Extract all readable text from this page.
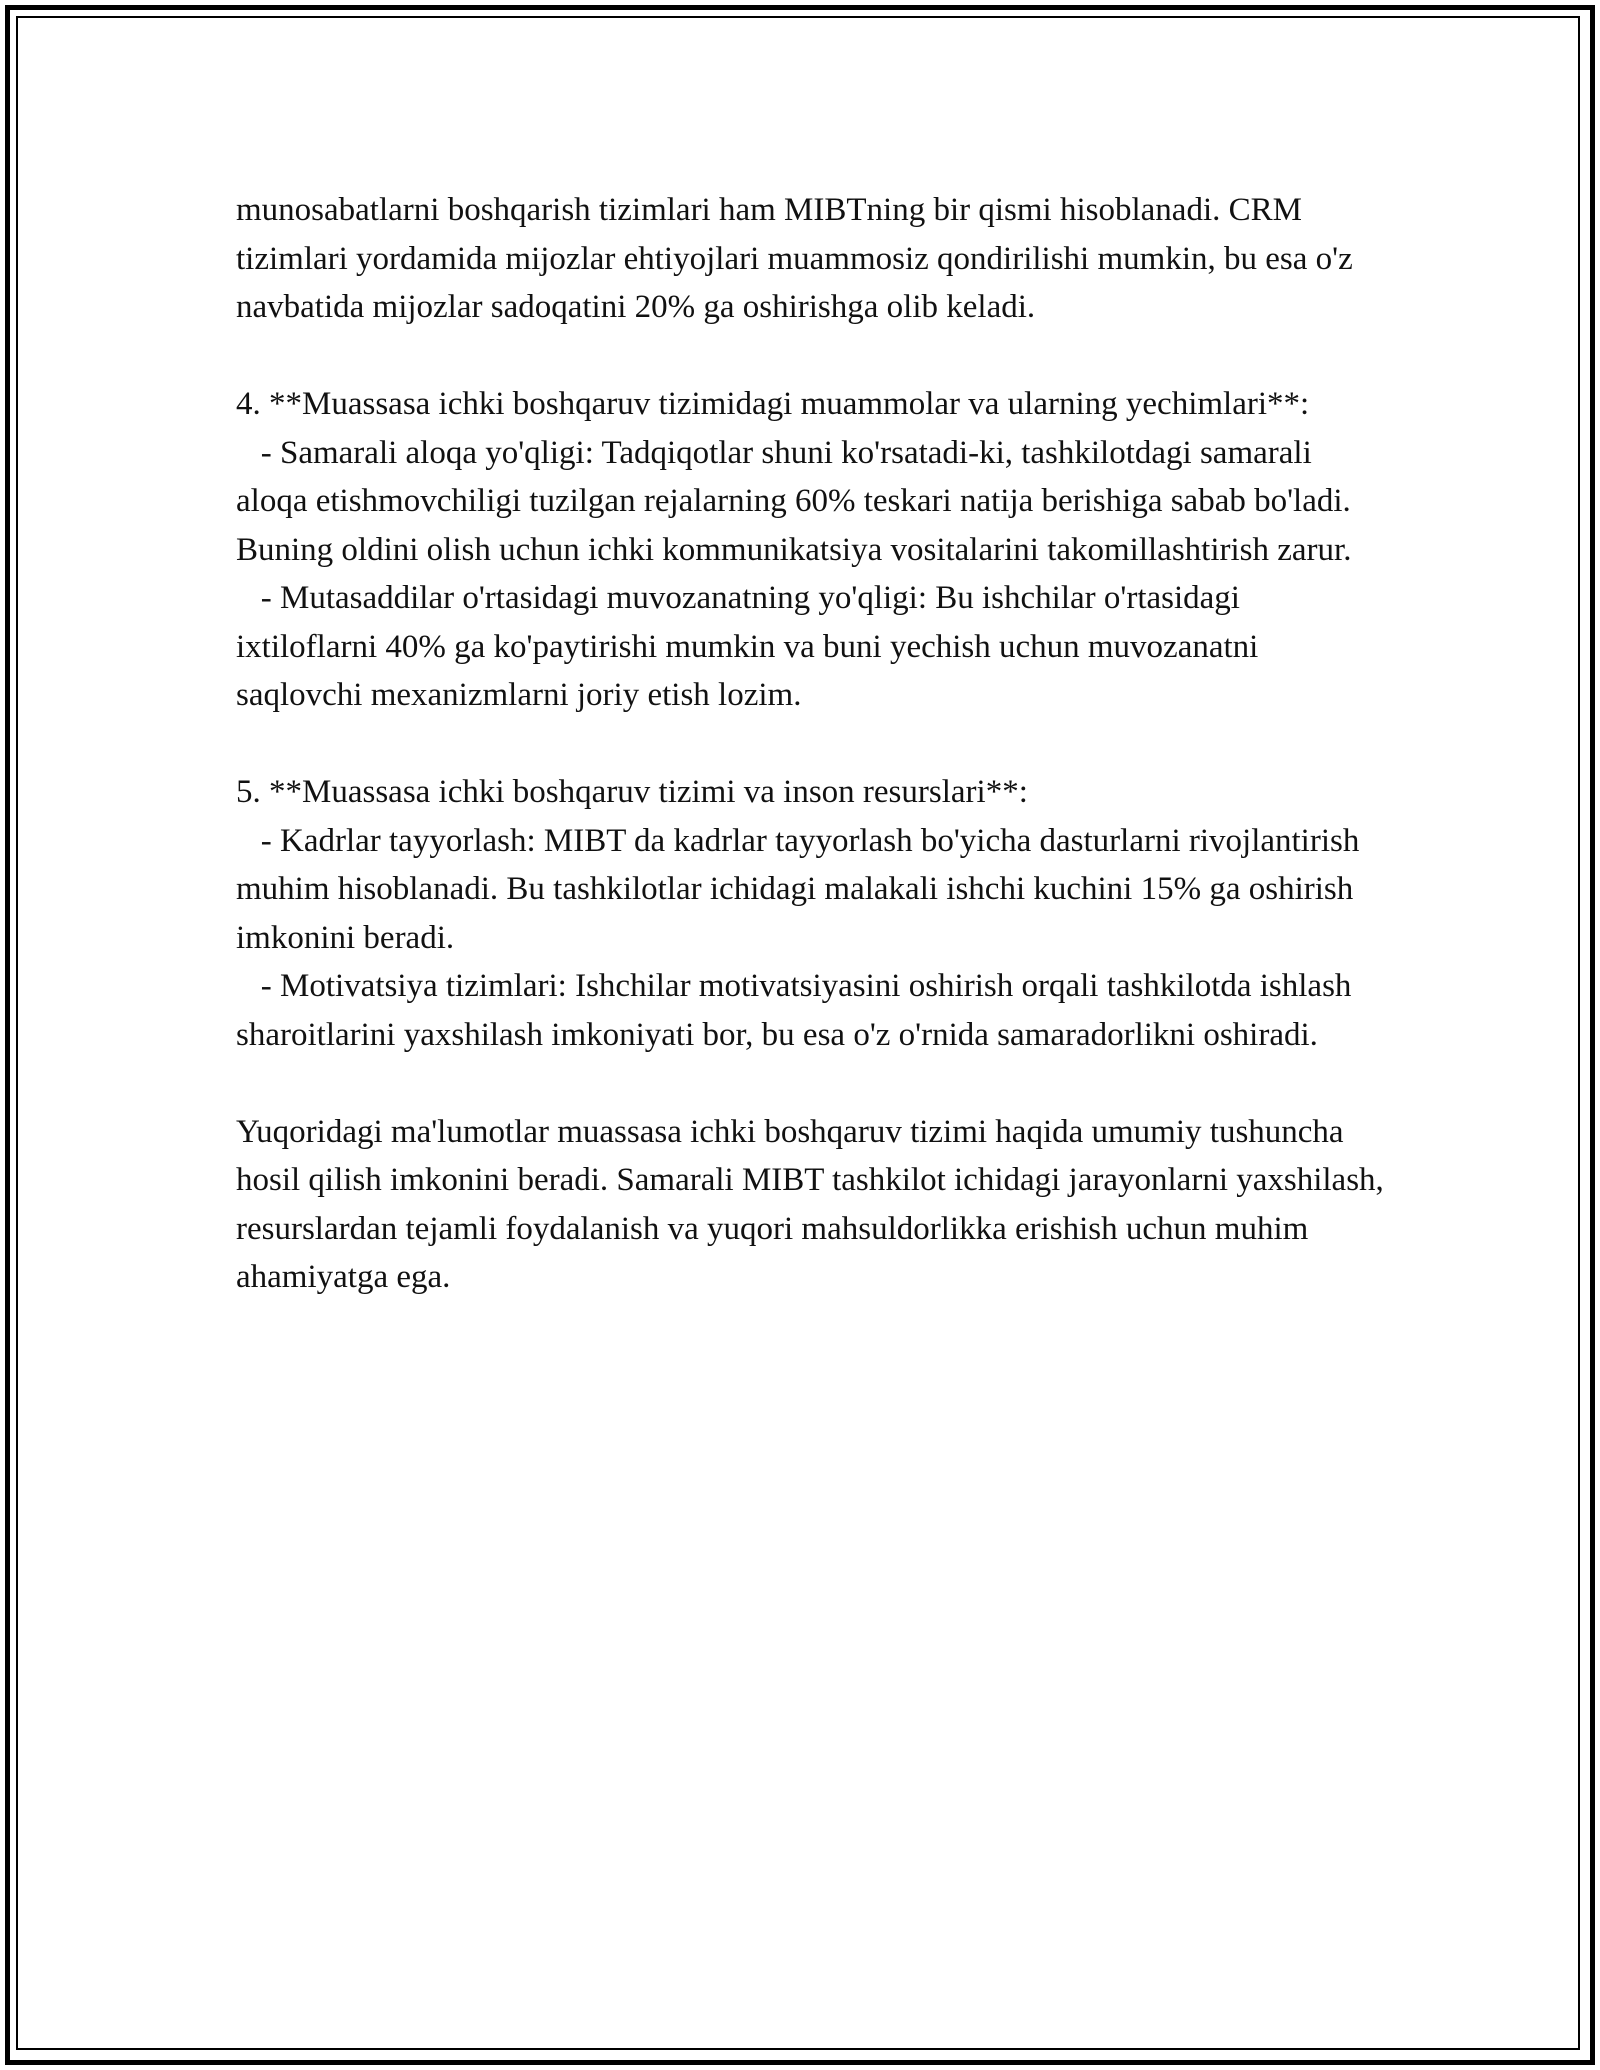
munosabatlarni boshqarish tizimlari ham MIBTning bir qismi hisoblanadi. CRM tizimlari yordamida mijozlar ehtiyojlari muammosiz qondirilishi mumkin, bu esa o'z navbatida mijozlar sadoqatini 20% ga oshirishga olib keladi.

4. **Muassasa ichki boshqaruv tizimidagi muammolar va ularning yechimlari**:

- Samarali aloqa yo'qligi: Tadqiqotlar shuni ko'rsatadi-ki, tashkilotdagi samarali aloqa etishmovchiligi tuzilgan rejalarning 60% teskari natija berishiga sabab bo'ladi. Buning oldini olish uchun ichki kommunikatsiya vositalarini takomillashtirish zarur.

- Mutasaddilar o'rtasidagi muvozanatning yo'qligi: Bu ishchilar o'rtasidagi ixtiloflarni 40% ga ko'paytirishi mumkin va buni yechish uchun muvozanatni saqlovchi mexanizmlarni joriy etish lozim.

5. **Muassasa ichki boshqaruv tizimi va inson resurslari**:

- Kadrlar tayyorlash: MIBT da kadrlar tayyorlash bo'yicha dasturlarni rivojlantirish muhim hisoblanadi. Bu tashkilotlar ichidagi malakali ishchi kuchini 15% ga oshirish imkonini beradi.

- Motivatsiya tizimlari: Ishchilar motivatsiyasini oshirish orqali tashkilotda ishlash sharoitlarini yaxshilash imkoniyati bor, bu esa o'z o'rnida samaradorlikni oshiradi.

Yuqoridagi ma'lumotlar muassasa ichki boshqaruv tizimi haqida umumiy tushuncha hosil qilish imkonini beradi. Samarali MIBT tashkilot ichidagi jarayonlarni yaxshilash, resurslardan tejamli foydalanish va yuqori mahsuldorlikka erishish uchun muhim ahamiyatga ega.
